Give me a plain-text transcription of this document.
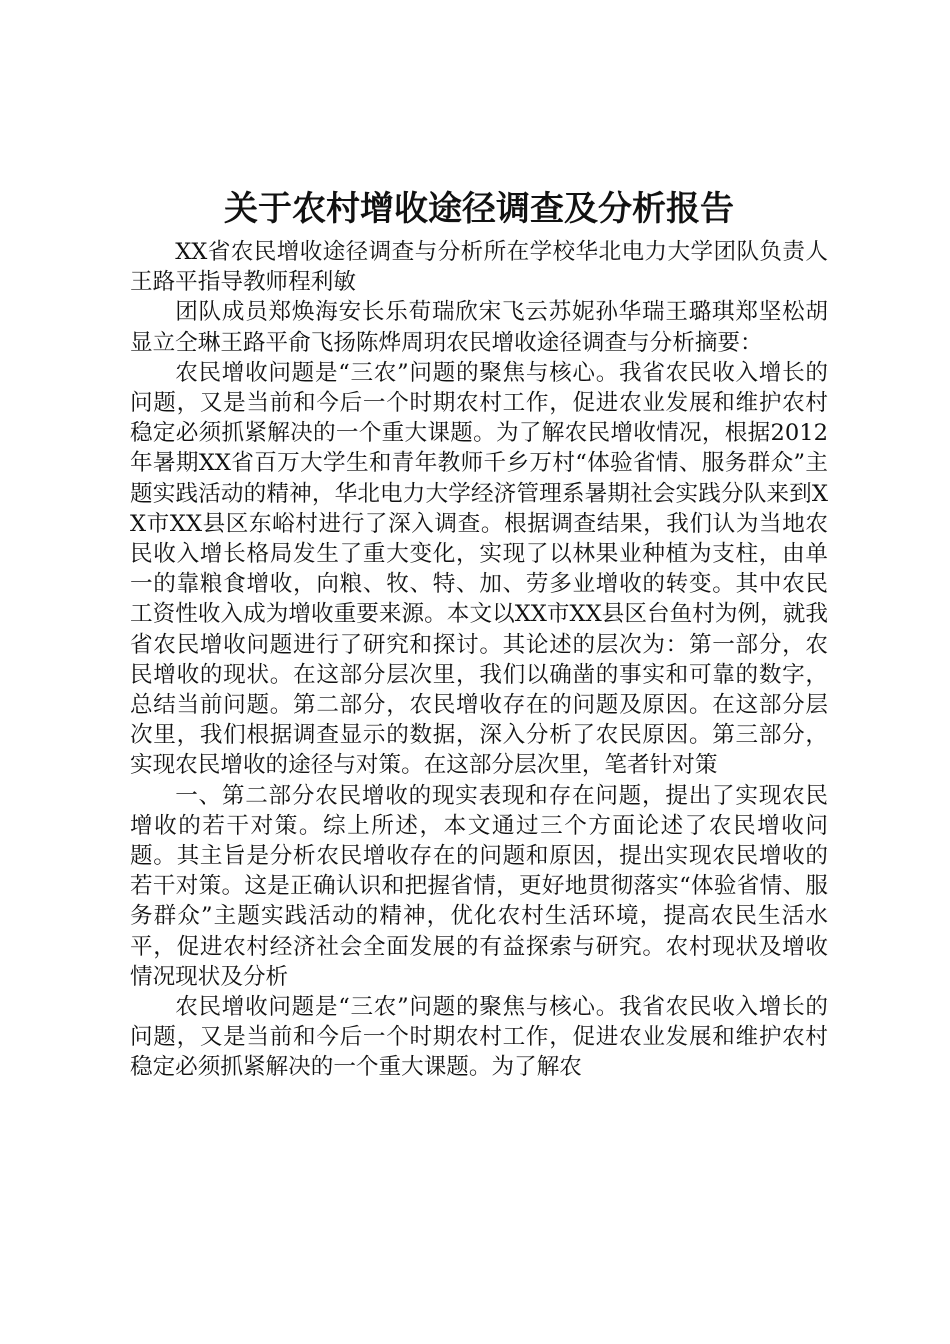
关于农村增收途径调查及分析报告

XX省农民增收途径调查与分析所在学校华北电力大学团队负责人王路平指导教师程利敏

团队成员郑焕海安长乐荀瑞欣宋飞云苏妮孙华瑞王璐琪郑坚松胡显立仝琳王路平俞飞扬陈烨周玥农民增收途径调查与分析摘要：

农民增收问题是“三农”问题的聚焦与核心。我省农民收入增长的问题，又是当前和今后一个时期农村工作，促进农业发展和维护农村稳定必须抓紧解决的一个重大课题。为了解农民增收情况，根据2012年暑期XX省百万大学生和青年教师千乡万村“体验省情、服务群众”主题实践活动的精神，华北电力大学经济管理系暑期社会实践分队来到XX市XX县区东峪村进行了深入调查。根据调查结果，我们认为当地农民收入增长格局发生了重大变化，实现了以林果业种植为支柱，由单一的靠粮食增收，向粮、牧、特、加、劳多业增收的转变。其中农民工资性收入成为增收重要来源。本文以XX市XX县区台鱼村为例，就我省农民增收问题进行了研究和探讨。其论述的层次为：第一部分，农民增收的现状。在这部分层次里，我们以确凿的事实和可靠的数字，总结当前问题。第二部分，农民增收存在的问题及原因。在这部分层次里，我们根据调查显示的数据，深入分析了农民原因。第三部分，实现农民增收的途径与对策。在这部分层次里，笔者针对策

一、第二部分农民增收的现实表现和存在问题，提出了实现农民增收的若干对策。综上所述，本文通过三个方面论述了农民增收问题。其主旨是分析农民增收存在的问题和原因，提出实现农民增收的若干对策。这是正确认识和把握省情，更好地贯彻落实“体验省情、服务群众”主题实践活动的精神，优化农村生活环境，提高农民生活水平，促进农村经济社会全面发展的有益探索与研究。农村现状及增收情况现状及分析

农民增收问题是“三农”问题的聚焦与核心。我省农民收入增长的问题，又是当前和今后一个时期农村工作，促进农业发展和维护农村稳定必须抓紧解决的一个重大课题。为了解农
